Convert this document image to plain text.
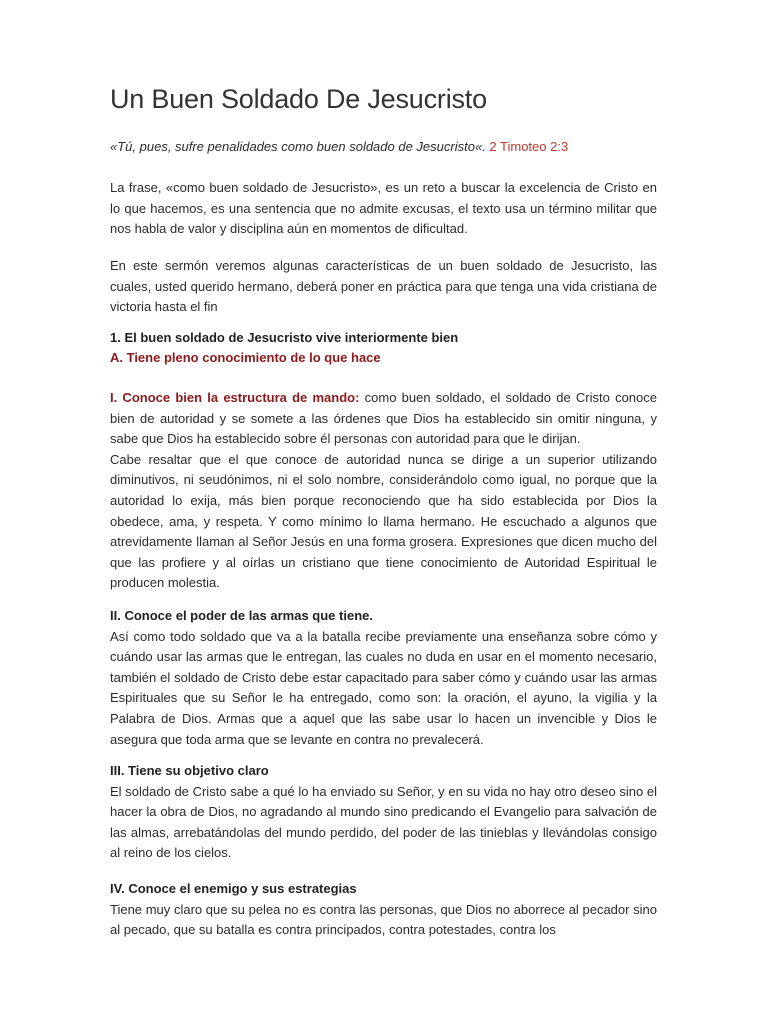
Un Buen Soldado De Jesucristo

«Tú, pues, sufre penalidades como buen soldado de Jesucristo«. 2 Timoteo 2:3

La frase, «como buen soldado de Jesucristo», es un reto a buscar la excelencia de Cristo en lo que hacemos, es una sentencia que no admite excusas, el texto usa un término militar que nos habla de valor y disciplina aún en momentos de dificultad.

En este sermón veremos algunas características de un buen soldado de Jesucristo, las cuales, usted querido hermano, deberá poner en práctica para que tenga una vida cristiana de victoria hasta el fin

1. El buen soldado de Jesucristo vive interiormente bien

A. Tiene pleno conocimiento de lo que hace

I. Conoce bien la estructura de mando: como buen soldado, el soldado de Cristo conoce bien de autoridad y se somete a las órdenes que Dios ha establecido sin omitir ninguna, y sabe que Dios ha establecido sobre él personas con autoridad para que le dirijan.

Cabe resaltar que el que conoce de autoridad nunca se dirige a un superior utilizando diminutivos, ni seudónimos, ni el solo nombre, considerándolo como igual, no porque que la autoridad lo exija, más bien porque reconociendo que ha sido establecida por Dios la obedece, ama, y respeta. Y como mínimo lo llama hermano. He escuchado a algunos que atrevidamente llaman al Señor Jesús en una forma grosera. Expresiones que dicen mucho del que las profiere y al oírlas un cristiano que tiene conocimiento de Autoridad Espiritual le producen molestia.

II. Conoce el poder de las armas que tiene.

Así como todo soldado que va a la batalla recibe previamente una enseñanza sobre cómo y cuándo usar las armas que le entregan, las cuales no duda en usar en el momento necesario, también el soldado de Cristo debe estar capacitado para saber cómo y cuándo usar las armas Espirituales que su Señor le ha entregado, como son: la oración, el ayuno, la vigilia y la Palabra de Dios. Armas que a aquel que las sabe usar lo hacen un invencible y Dios le asegura que toda arma que se levante en contra no prevalecerá.

III. Tiene su objetivo claro

El soldado de Cristo sabe a qué lo ha enviado su Señor, y en su vida no hay otro deseo sino el hacer la obra de Dios, no agradando al mundo sino predicando el Evangelio para salvación de las almas, arrebatándolas del mundo perdido, del poder de las tinieblas y llevándolas consigo al reino de los cielos.

IV. Conoce el enemigo y sus estrategias

Tiene muy claro que su pelea no es contra las personas, que Dios no aborrece al pecador sino al pecado, que su batalla es contra principados, contra potestades, contra los
